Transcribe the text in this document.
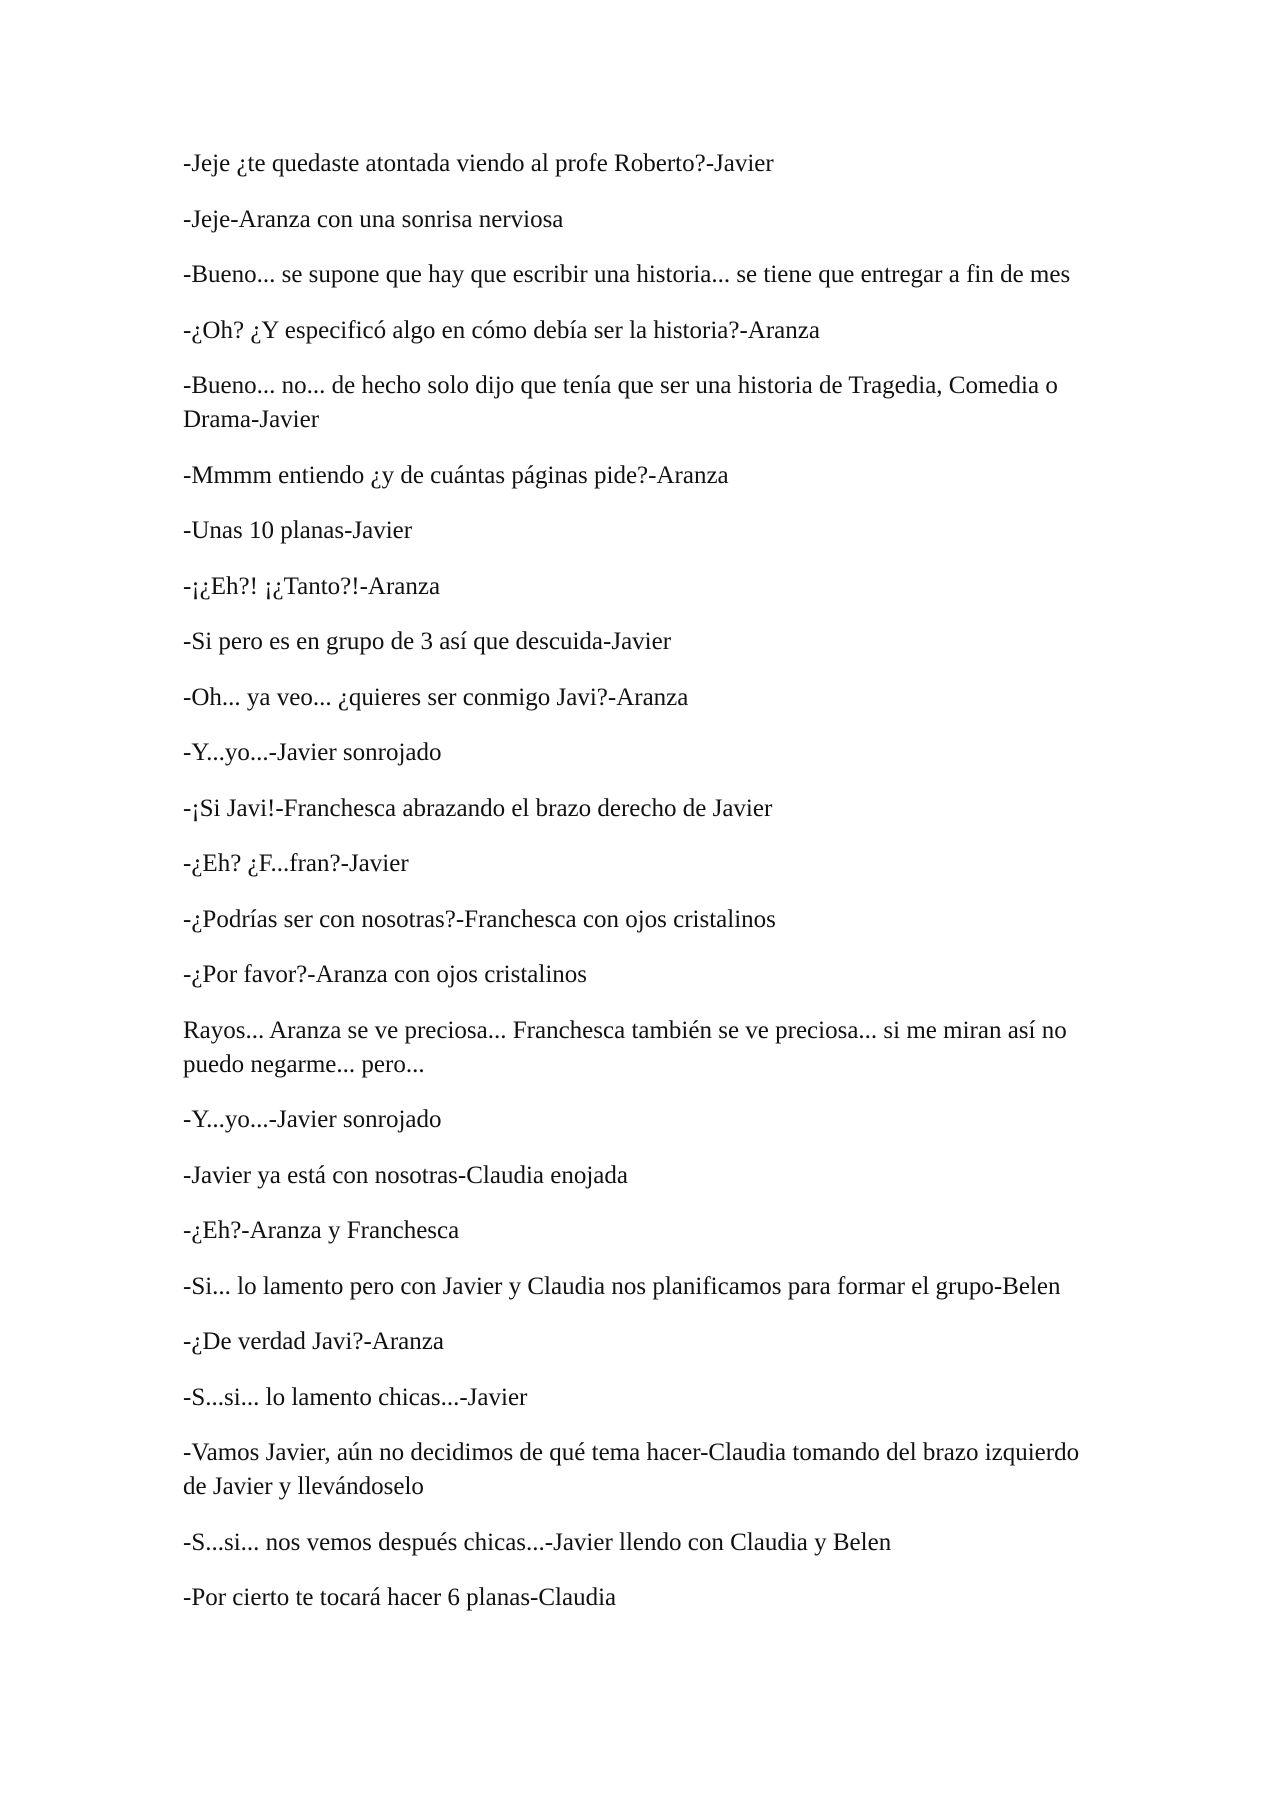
-Jeje ¿te quedaste atontada viendo al profe Roberto?-Javier

-Jeje-Aranza con una sonrisa nerviosa

-Bueno... se supone que hay que escribir una historia... se tiene que entregar a fin de mes

-¿Oh? ¿Y especificó algo en cómo debía ser la historia?-Aranza

-Bueno... no... de hecho solo dijo que tenía que ser una historia de Tragedia, Comedia o Drama-Javier

-Mmmm entiendo ¿y de cuántas páginas pide?-Aranza

-Unas 10 planas-Javier

-¡¿Eh?! ¡¿Tanto?!-Aranza

-Si pero es en grupo de 3 así que descuida-Javier

-Oh... ya veo... ¿quieres ser conmigo Javi?-Aranza

-Y...yo...-Javier sonrojado

-¡Si Javi!-Franchesca abrazando el brazo derecho de Javier

-¿Eh? ¿F...fran?-Javier

-¿Podrías ser con nosotras?-Franchesca con ojos cristalinos

-¿Por favor?-Aranza con ojos cristalinos

Rayos... Aranza se ve preciosa... Franchesca también se ve preciosa... si me miran así no puedo negarme... pero...

-Y...yo...-Javier sonrojado

-Javier ya está con nosotras-Claudia enojada

-¿Eh?-Aranza y Franchesca

-Si... lo lamento pero con Javier y Claudia nos planificamos para formar el grupo-Belen

-¿De verdad Javi?-Aranza

-S...si... lo lamento chicas...-Javier

-Vamos Javier, aún no decidimos de qué tema hacer-Claudia tomando del brazo izquierdo de Javier y llevándoselo

-S...si... nos vemos después chicas...-Javier llendo con Claudia y Belen

-Por cierto te tocará hacer 6 planas-Claudia
